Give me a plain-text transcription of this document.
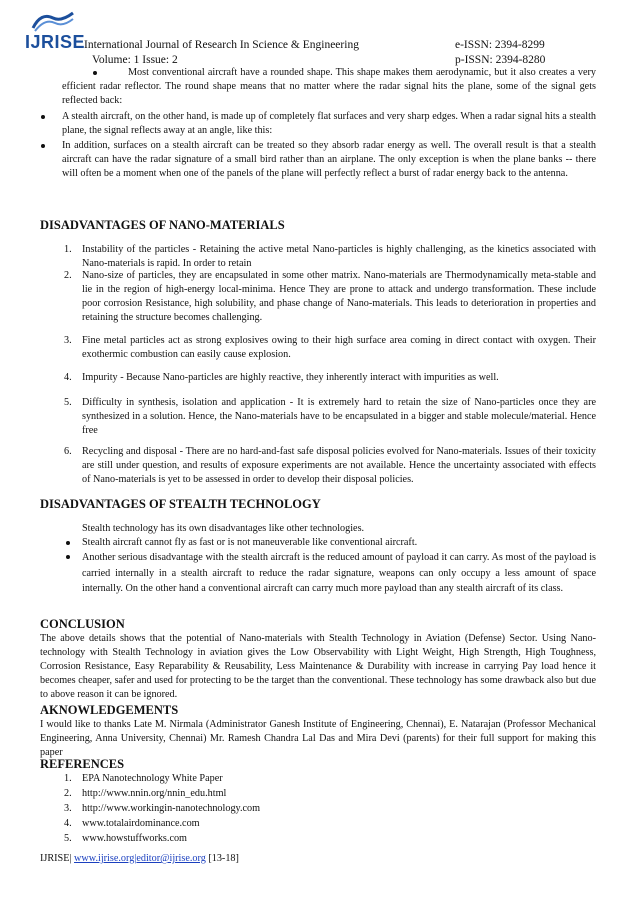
IJRISE
International Journal of Research In Science & Engineering	e-ISSN: 2394-8299
Volume: 1 Issue: 2	p-ISSN: 2394-8280
Most conventional aircraft have a rounded shape. This shape makes them aerodynamic, but it also creates a very efficient radar reflector. The round shape means that no matter where the radar signal hits the plane, some of the signal gets reflected back:
A stealth aircraft, on the other hand, is made up of completely flat surfaces and very sharp edges. When a radar signal hits a stealth plane, the signal reflects away at an angle, like this:
In addition, surfaces on a stealth aircraft can be treated so they absorb radar energy as well. The overall result is that a stealth aircraft can have the radar signature of a small bird rather than an airplane. The only exception is when the plane banks -- there will often be a moment when one of the panels of the plane will perfectly reflect a burst of radar energy back to the antenna.
DISADVANTAGES OF NANO-MATERIALS
1. Instability of the particles - Retaining the active metal Nano-particles is highly challenging, as the kinetics associated with Nano-materials is rapid. In order to retain
2. Nano-size of particles, they are encapsulated in some other matrix. Nano-materials are Thermodynamically meta-stable and lie in the region of high-energy local-minima. Hence They are prone to attack and undergo transformation. These include poor corrosion Resistance, high solubility, and phase change of Nano-materials. This leads to deterioration in properties and retaining the structure becomes challenging.
3. Fine metal particles act as strong explosives owing to their high surface area coming in direct contact with oxygen. Their exothermic combustion can easily cause explosion.
4. Impurity - Because Nano-particles are highly reactive, they inherently interact with impurities as well.
5. Difficulty in synthesis, isolation and application - It is extremely hard to retain the size of Nano-particles once they are synthesized in a solution. Hence, the Nano-materials have to be encapsulated in a bigger and stable molecule/material. Hence free
6. Recycling and disposal - There are no hard-and-fast safe disposal policies evolved for Nano-materials. Issues of their toxicity are still under question, and results of exposure experiments are not available. Hence the uncertainty associated with effects of Nano-materials is yet to be assessed in order to develop their disposal policies.
DISADVANTAGES OF STEALTH TECHNOLOGY
Stealth technology has its own disadvantages like other technologies.
Stealth aircraft cannot fly as fast or is not maneuverable like conventional aircraft.
Another serious disadvantage with the stealth aircraft is the reduced amount of payload it can carry. As most of the payload is carried internally in a stealth aircraft to reduce the radar signature, weapons can only occupy a less amount of space internally. On the other hand a conventional aircraft can carry much more payload than any stealth aircraft of its class.
CONCLUSION
The above details shows that the potential of Nano-materials with Stealth Technology in Aviation (Defense) Sector. Using Nano-technology with Stealth Technology in aviation gives the Low Observability with Light Weight, High Strength, High Toughness, Corrosion Resistance, Easy Reparability & Reusability, Less Maintenance & Durability with increase in carrying Pay load hence it becomes cheaper, safer and used for protecting to be the target than the conventional. These technology has some drawback also but due to above reason it can be ignored.
AKNOWLEDGEMENTS
I would like to thanks Late M. Nirmala (Administrator Ganesh Institute of Engineering, Chennai), E. Natarajan (Professor Mechanical Engineering, Anna University, Chennai) Mr. Ramesh Chandra Lal Das and Mira Devi (parents) for their full support for making this paper
REFERENCES
1. EPA Nanotechnology White Paper
2. http://www.nnin.org/nnin_edu.html
3. http://www.workingin-nanotechnology.com
4. www.totalairdominance.com
5. www.howstuffworks.com
IJRISE| www.ijrise.org|editor@ijrise.org [13-18]
